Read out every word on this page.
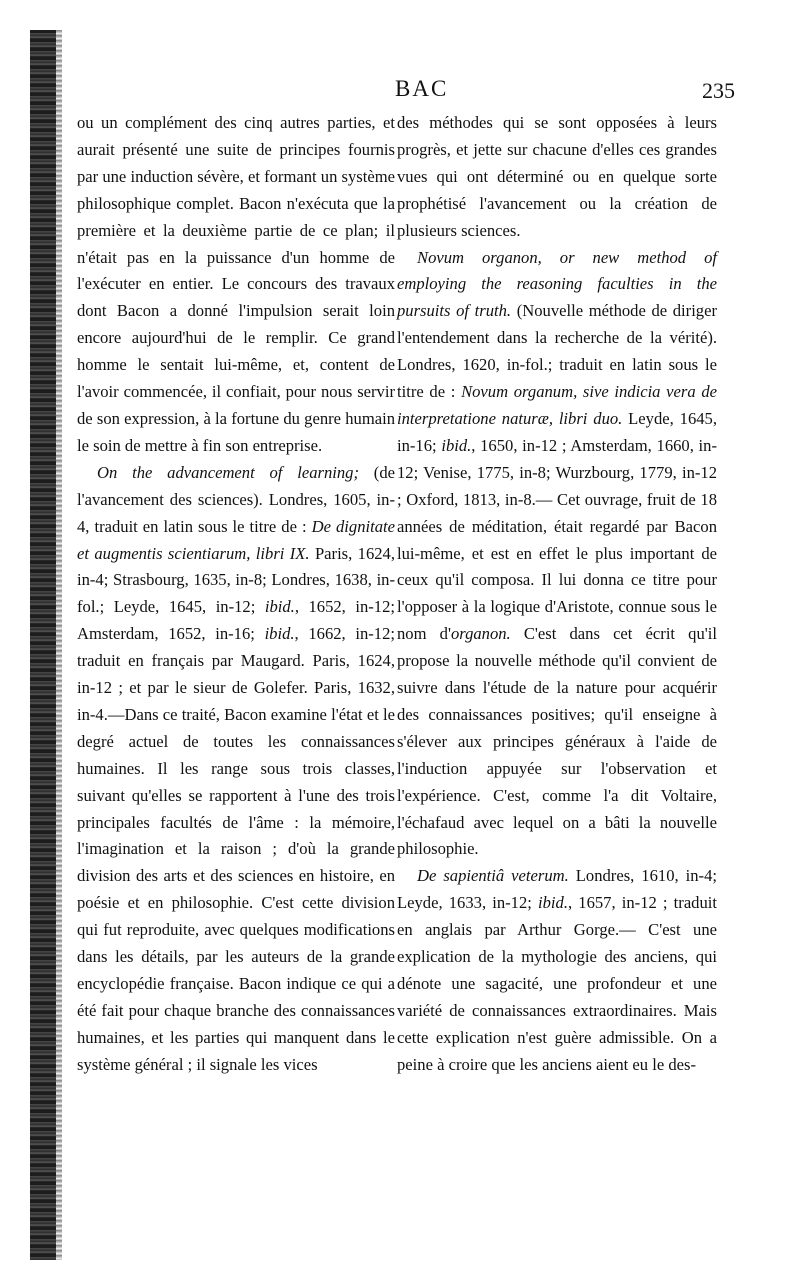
BAC	235

ou un complément des cinq autres parties, et aurait présenté une suite de principes fournis par une induction sévère, et formant un système philosophique complet. Bacon n'exécuta que la première et la deuxième partie de ce plan; il n'était pas en la puissance d'un homme de l'exécuter en entier. Le concours des travaux dont Bacon a donné l'impulsion serait loin encore aujourd'hui de le remplir. Ce grand homme le sentait lui-même, et, content de l'avoir commencée, il confiait, pour nous servir de son expression, à la fortune du genre humain le soin de mettre à fin son entreprise.

On the advancement of learning; (de l'avancement des sciences). Londres, 1605, in-4, traduit en latin sous le titre de : De dignitate et augmentis scientiarum, libri IX. Paris, 1624, in-4; Strasbourg, 1635, in-8; Londres, 1638, in-fol.; Leyde, 1645, in-12; ibid., 1652, in-12; Amsterdam, 1652, in-16; ibid., 1662, in-12; traduit en français par Maugard. Paris, 1624, in-12 ; et par le sieur de Golefer. Paris, 1632, in-4.—Dans ce traité, Bacon examine l'état et le degré actuel de toutes les connaissances humaines. Il les range sous trois classes, suivant qu'elles se rapportent à l'une des trois principales facultés de l'âme : la mémoire, l'imagination et la raison ; d'où la grande division des arts et des sciences en histoire, en poésie et en philosophie. C'est cette division qui fut reproduite, avec quelques modifications dans les détails, par les auteurs de la grande encyclopédie française. Bacon indique ce qui a été fait pour chaque branche des connaissances humaines, et les parties qui manquent dans le système général ; il signale les vices

des méthodes qui se sont opposées à leurs progrès, et jette sur chacune d'elles ces grandes vues qui ont déterminé ou en quelque sorte prophétisé l'avancement ou la création de plusieurs sciences.

Novum organon, or new method of employing the reasoning faculties in the pursuits of truth. (Nouvelle méthode de diriger l'entendement dans la recherche de la vérité). Londres, 1620, in-fol.; traduit en latin sous le titre de : Novum organum, sive indicia vera de interpretatione naturæ, libri duo. Leyde, 1645, in-16; ibid., 1650, in-12 ; Amsterdam, 1660, in-12; Venise, 1775, in-8; Wurzbourg, 1779, in-12 ; Oxford, 1813, in-8.— Cet ouvrage, fruit de 18 années de méditation, était regardé par Bacon lui-même, et est en effet le plus important de ceux qu'il composa. Il lui donna ce titre pour l'opposer à la logique d'Aristote, connue sous le nom d'organon. C'est dans cet écrit qu'il propose la nouvelle méthode qu'il convient de suivre dans l'étude de la nature pour acquérir des connaissances positives; qu'il enseigne à s'élever aux principes généraux à l'aide de l'induction appuyée sur l'observation et l'expérience. C'est, comme l'a dit Voltaire, l'échafaud avec lequel on a bâti la nouvelle philosophie.

De sapientiâ veterum. Londres, 1610, in-4; Leyde, 1633, in-12; ibid., 1657, in-12 ; traduit en anglais par Arthur Gorge.— C'est une explication de la mythologie des anciens, qui dénote une sagacité, une profondeur et une variété de connaissances extraordinaires. Mais cette explication n'est guère admissible. On a peine à croire que les anciens aient eu le des-
